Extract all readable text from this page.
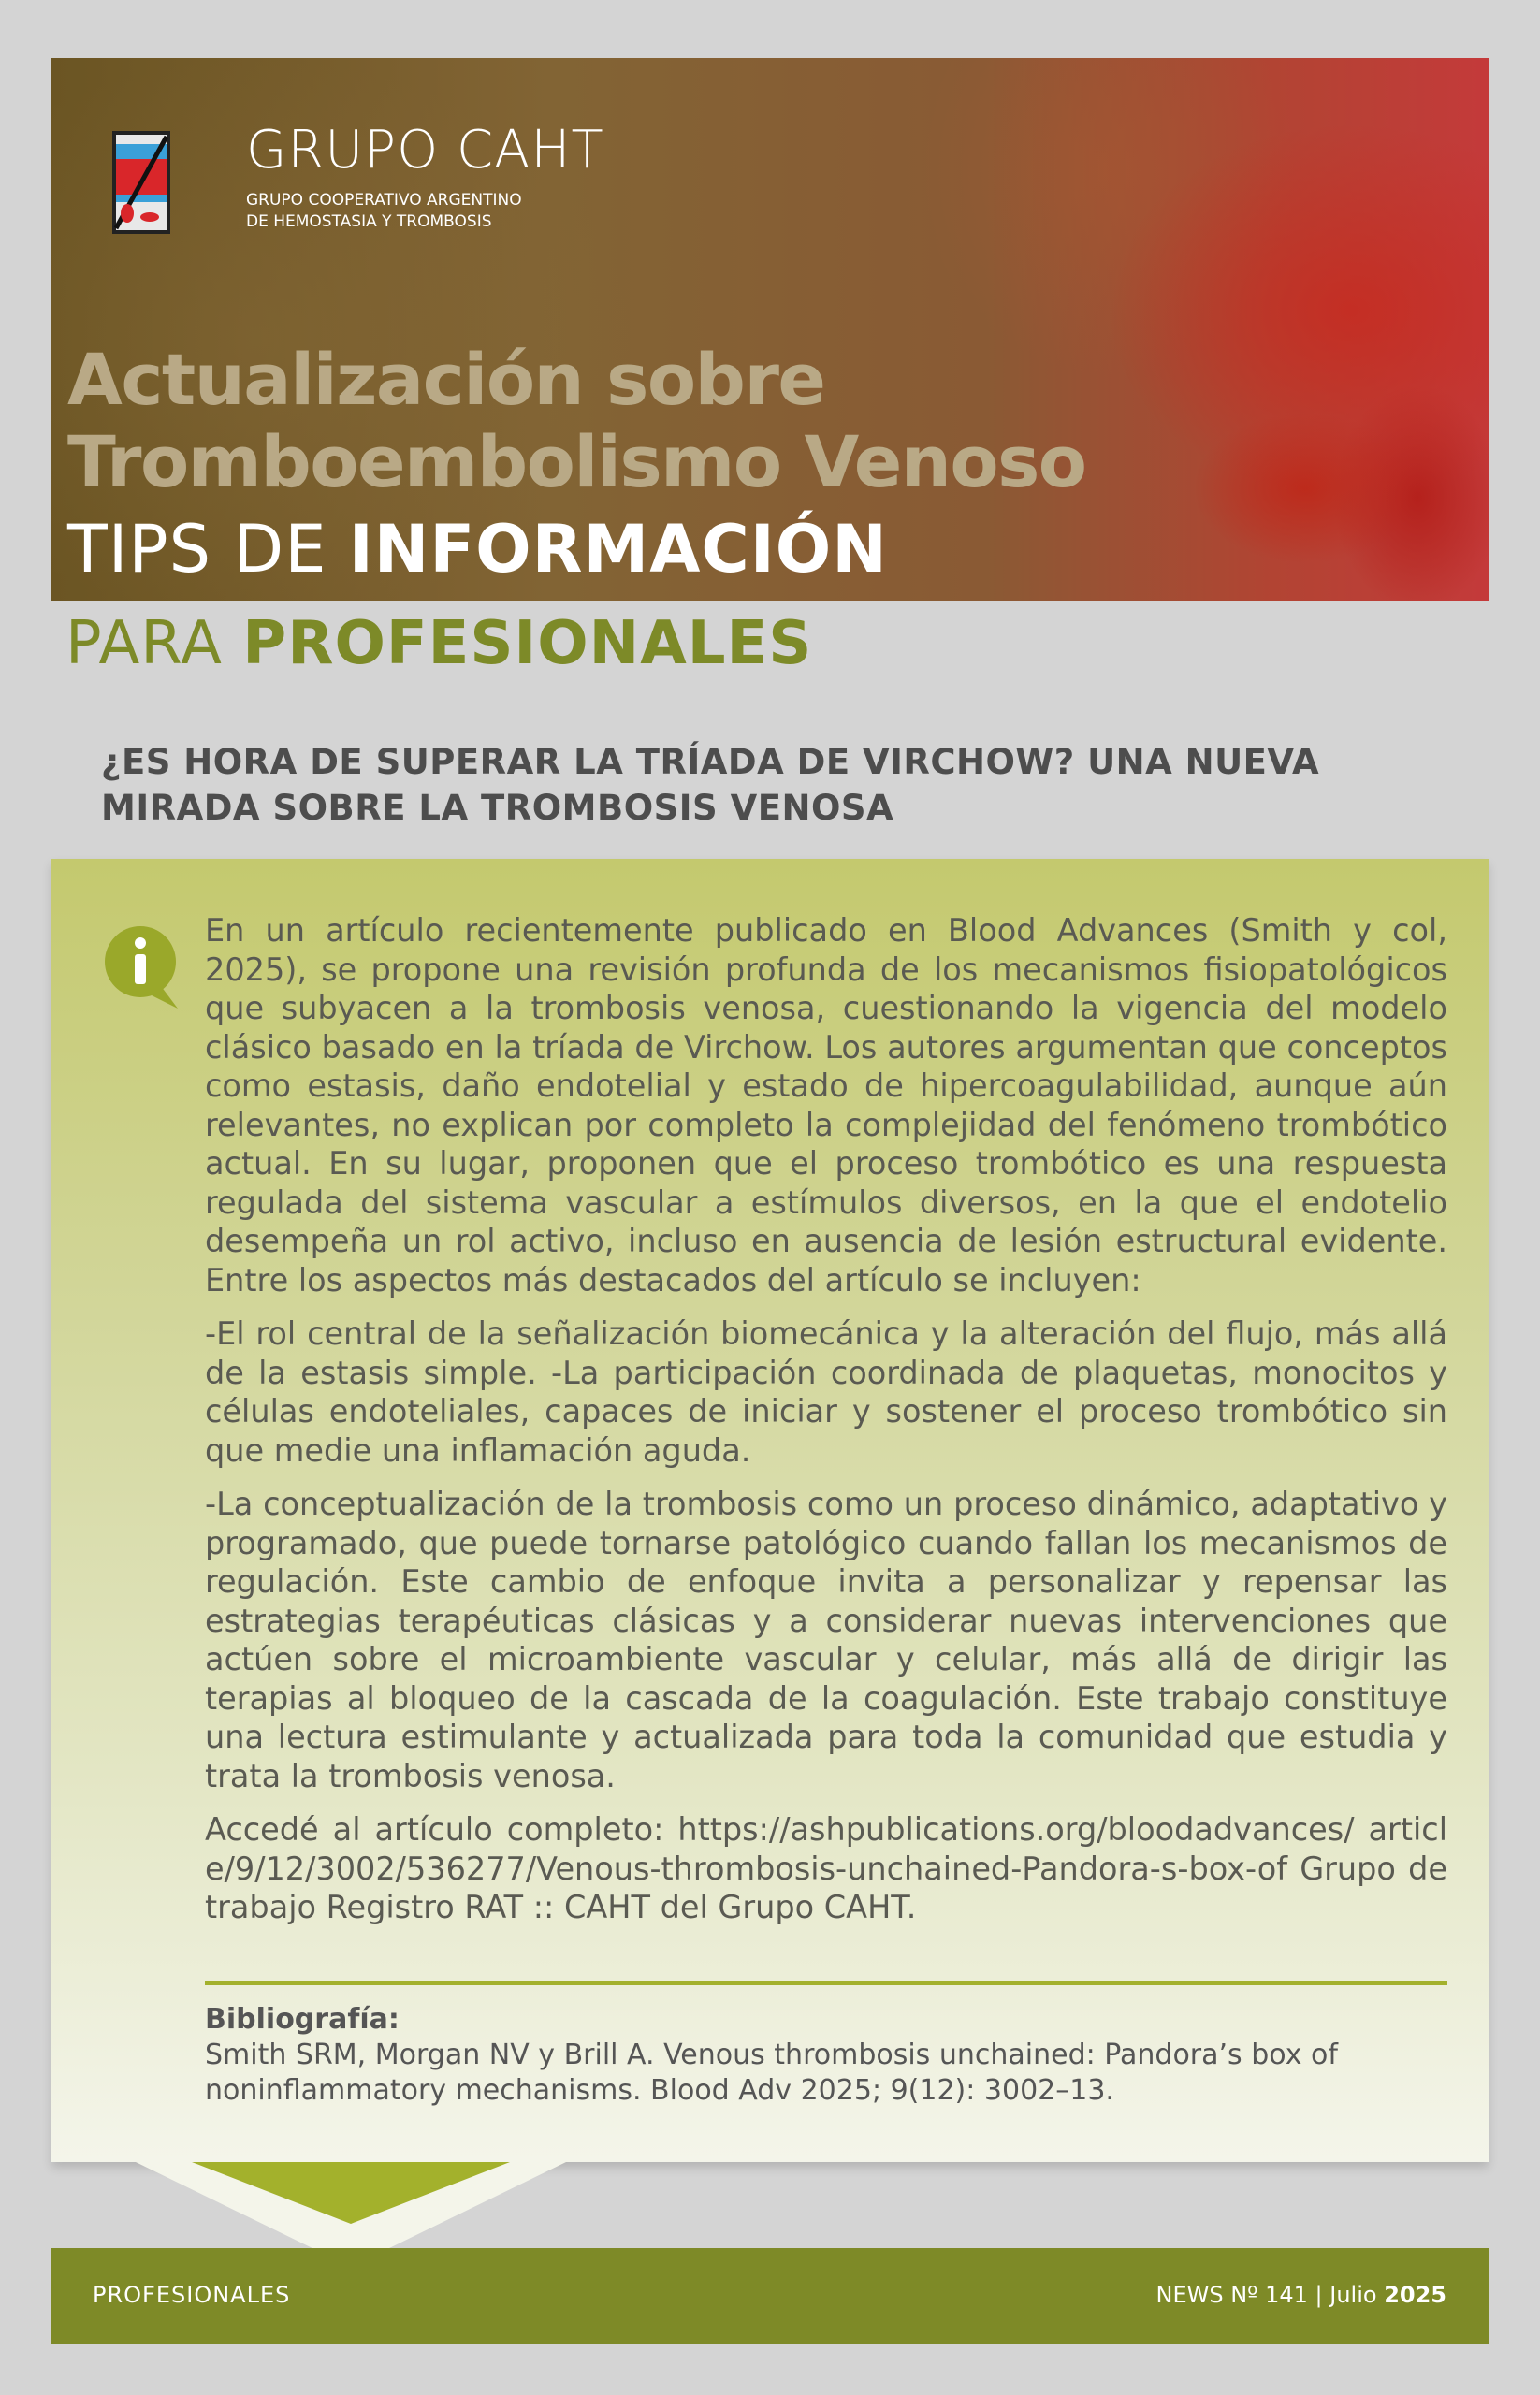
GRUPO CAHT
GRUPO COOPERATIVO ARGENTINO
DE HEMOSTASIA Y TROMBOSIS
Actualización sobre
Tromboembolismo Venoso
TIPS DE INFORMACIÓN
PARA PROFESIONALES
¿ES HORA DE SUPERAR LA TRÍADA DE VIRCHOW? UNA NUEVA
MIRADA SOBRE LA TROMBOSIS VENOSA

En un artículo recientemente publicado en Blood Advances (Smith y col, 2025), se propone una revisión profunda de los mecanismos fisiopatológicos que subyacen a la trombosis venosa, cuestionando la vigencia del modelo clásico basado en la tríada de Virchow. Los autores argumentan que conceptos como estasis, daño endotelial y estado de hipercoagulabilidad, aunque aún relevantes, no explican por completo la complejidad del fenómeno trombótico actual. En su lugar, proponen que el proceso trombótico es una respuesta regulada del sistema vascular a estímulos diversos, en la que el endotelio desempeña un rol activo, incluso en ausencia de lesión estructural evidente. Entre los aspectos más destacados del artículo se incluyen:

-El rol central de la señalización biomecánica y la alteración del flujo, más allá de la estasis simple. -La participación coordinada de plaquetas, monocitos y células endoteliales, capaces de iniciar y sostener el proceso trombótico sin que medie una inflamación aguda.

-La conceptualización de la trombosis como un proceso dinámico, adaptativo y programado, que puede tornarse patológico cuando fallan los mecanismos de regulación. Este cambio de enfoque invita a personalizar y repensar las estrategias terapéuticas clásicas y a considerar nuevas intervenciones que actúen sobre el microambiente vascular y celular, más allá de dirigir las terapias al bloqueo de la cascada de la coagulación. Este trabajo constituye una lectura estimulante y actualizada para toda la comunidad que estudia y trata la trombosis venosa.

Accedé al artículo completo: https://ashpublications.org/bloodadvances/ article/9/12/3002/536277/Venous-thrombosis-unchained-Pandora-s-box-of Grupo de trabajo Registro RAT :: CAHT del Grupo CAHT.

Bibliografía:
Smith SRM, Morgan NV y Brill A. Venous thrombosis unchained: Pandora’s box of
noninflammatory mechanisms. Blood Adv 2025; 9(12): 3002–13.
PROFESIONALES	NEWS Nº 141 | Julio 2025
